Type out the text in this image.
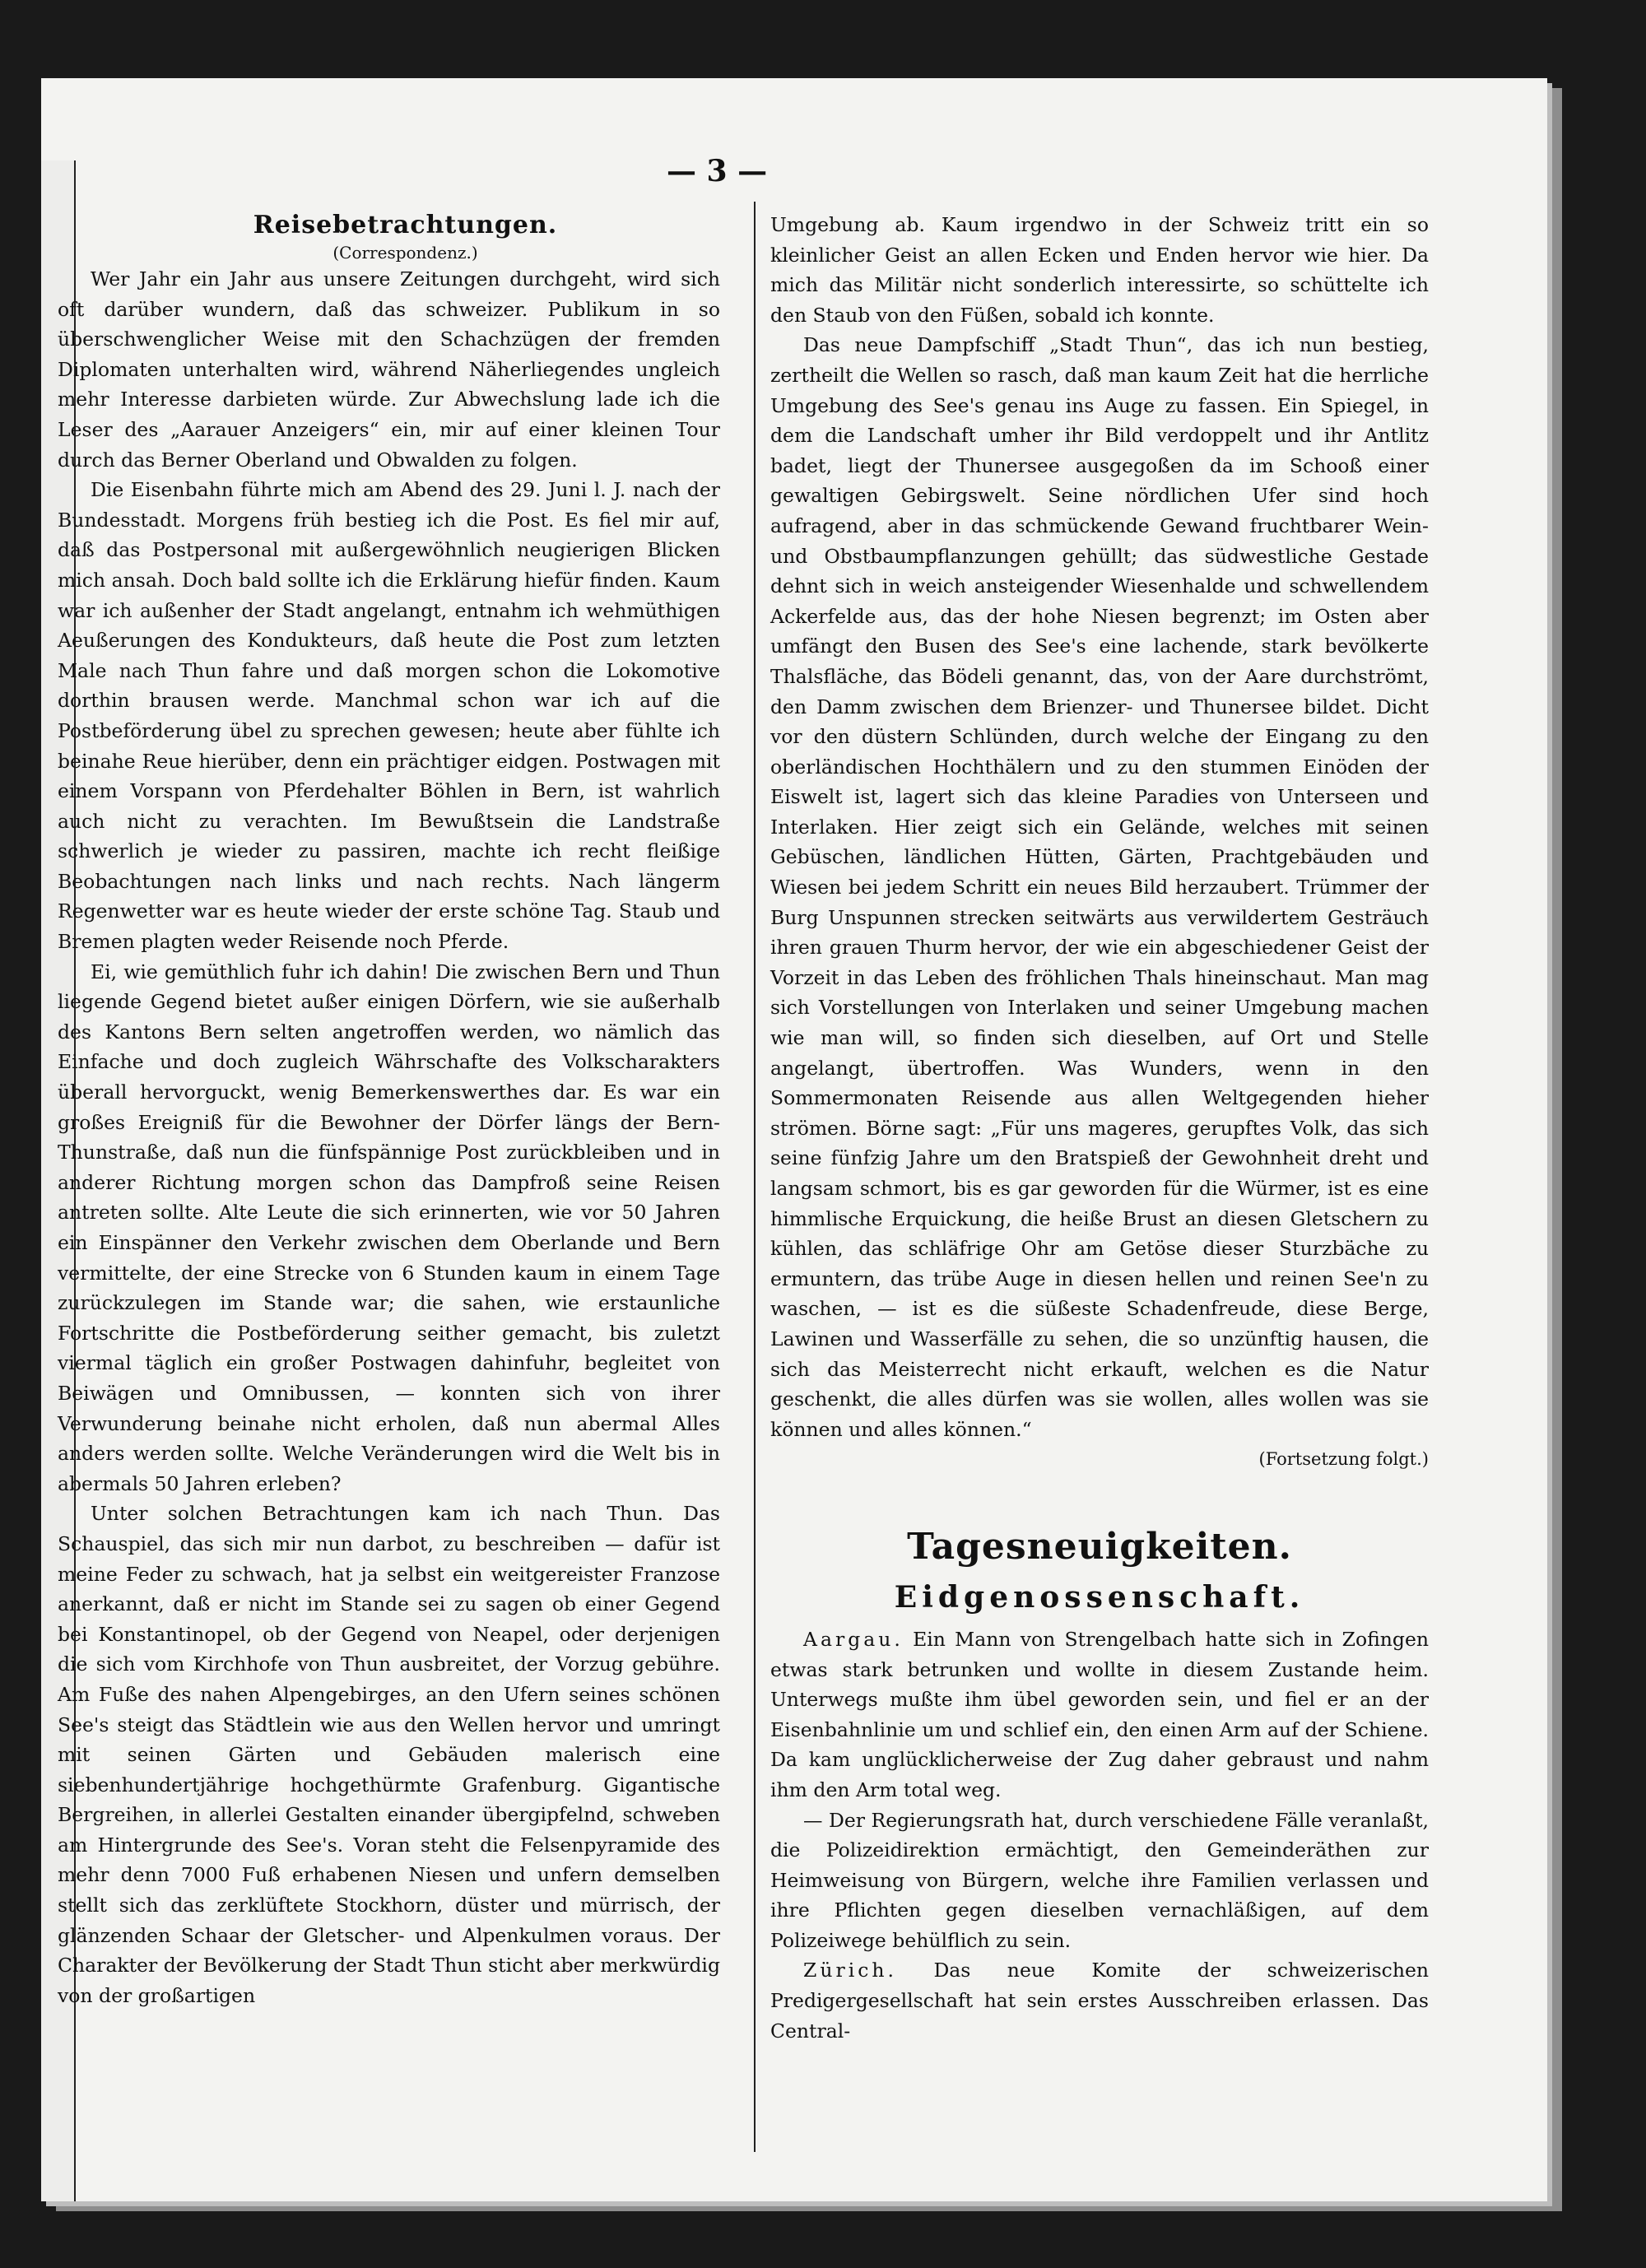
— 3 —

Reisebetrachtungen.

(Correspondenz.)

Wer Jahr ein Jahr aus unsere Zeitungen durchgeht, wird sich oft darüber wundern, daß das schweizer. Publikum in so überschwenglicher Weise mit den Schachzügen der fremden Diplomaten unterhalten wird, während Näherliegendes ungleich mehr Interesse darbieten würde. Zur Abwechslung lade ich die Leser des „Aarauer Anzeigers“ ein, mir auf einer kleinen Tour durch das Berner Oberland und Obwalden zu folgen.

Die Eisenbahn führte mich am Abend des 29. Juni l. J. nach der Bundesstadt. Morgens früh bestieg ich die Post. Es fiel mir auf, daß das Postpersonal mit außergewöhnlich neugierigen Blicken mich ansah. Doch bald sollte ich die Erklärung hiefür finden. Kaum war ich außenher der Stadt angelangt, entnahm ich wehmüthigen Aeußerungen des Kondukteurs, daß heute die Post zum letzten Male nach Thun fahre und daß morgen schon die Lokomotive dorthin brausen werde. Manchmal schon war ich auf die Postbeförderung übel zu sprechen gewesen; heute aber fühlte ich beinahe Reue hierüber, denn ein prächtiger eidgen. Postwagen mit einem Vorspann von Pferdehalter Böhlen in Bern, ist wahrlich auch nicht zu verachten. Im Bewußtsein die Landstraße schwerlich je wieder zu passiren, machte ich recht fleißige Beobachtungen nach links und nach rechts. Nach längerm Regenwetter war es heute wieder der erste schöne Tag. Staub und Bremen plagten weder Reisende noch Pferde.

Ei, wie gemüthlich fuhr ich dahin! Die zwischen Bern und Thun liegende Gegend bietet außer einigen Dörfern, wie sie außerhalb des Kantons Bern selten angetroffen werden, wo nämlich das Einfache und doch zugleich Währschafte des Volkscharakters überall hervorguckt, wenig Bemerkenswerthes dar. Es war ein großes Ereigniß für die Bewohner der Dörfer längs der Bern-Thunstraße, daß nun die fünfspännige Post zurückbleiben und in anderer Richtung morgen schon das Dampfroß seine Reisen antreten sollte. Alte Leute die sich erinnerten, wie vor 50 Jahren ein Einspänner den Verkehr zwischen dem Oberlande und Bern vermittelte, der eine Strecke von 6 Stunden kaum in einem Tage zurückzulegen im Stande war; die sahen, wie erstaunliche Fortschritte die Postbeförderung seither gemacht, bis zuletzt viermal täglich ein großer Postwagen dahinfuhr, begleitet von Beiwägen und Omnibussen, — konnten sich von ihrer Verwunderung beinahe nicht erholen, daß nun abermal Alles anders werden sollte. Welche Veränderungen wird die Welt bis in abermals 50 Jahren erleben?

Unter solchen Betrachtungen kam ich nach Thun. Das Schauspiel, das sich mir nun darbot, zu beschreiben — dafür ist meine Feder zu schwach, hat ja selbst ein weitgereister Franzose anerkannt, daß er nicht im Stande sei zu sagen ob einer Gegend bei Konstantinopel, ob der Gegend von Neapel, oder derjenigen die sich vom Kirchhofe von Thun ausbreitet, der Vorzug gebühre. Am Fuße des nahen Alpengebirges, an den Ufern seines schönen See's steigt das Städtlein wie aus den Wellen hervor und umringt mit seinen Gärten und Gebäuden malerisch eine siebenhundertjährige hochgethürmte Grafenburg. Gigantische Bergreihen, in allerlei Gestalten einander übergipfelnd, schweben am Hintergrunde des See's. Voran steht die Felsenpyramide des mehr denn 7000 Fuß erhabenen Niesen und unfern demselben stellt sich das zerklüftete Stockhorn, düster und mürrisch, der glänzenden Schaar der Gletscher- und Alpenkulmen voraus. Der Charakter der Bevölkerung der Stadt Thun sticht aber merkwürdig von der großartigen

Umgebung ab. Kaum irgendwo in der Schweiz tritt ein so kleinlicher Geist an allen Ecken und Enden hervor wie hier. Da mich das Militär nicht sonderlich interessirte, so schüttelte ich den Staub von den Füßen, sobald ich konnte.

Das neue Dampfschiff „Stadt Thun“, das ich nun bestieg, zertheilt die Wellen so rasch, daß man kaum Zeit hat die herrliche Umgebung des See's genau ins Auge zu fassen. Ein Spiegel, in dem die Landschaft umher ihr Bild verdoppelt und ihr Antlitz badet, liegt der Thunersee ausgegoßen da im Schooß einer gewaltigen Gebirgswelt. Seine nördlichen Ufer sind hoch aufragend, aber in das schmückende Gewand fruchtbarer Wein- und Obstbaumpflanzungen gehüllt; das südwestliche Gestade dehnt sich in weich ansteigender Wiesenhalde und schwellendem Ackerfelde aus, das der hohe Niesen begrenzt; im Osten aber umfängt den Busen des See's eine lachende, stark bevölkerte Thalsfläche, das Bödeli genannt, das, von der Aare durchströmt, den Damm zwischen dem Brienzer- und Thunersee bildet. Dicht vor den düstern Schlünden, durch welche der Eingang zu den oberländischen Hochthälern und zu den stummen Einöden der Eiswelt ist, lagert sich das kleine Paradies von Unterseen und Interlaken. Hier zeigt sich ein Gelände, welches mit seinen Gebüschen, ländlichen Hütten, Gärten, Prachtgebäuden und Wiesen bei jedem Schritt ein neues Bild herzaubert. Trümmer der Burg Unspunnen strecken seitwärts aus verwildertem Gesträuch ihren grauen Thurm hervor, der wie ein abgeschiedener Geist der Vorzeit in das Leben des fröhlichen Thals hineinschaut. Man mag sich Vorstellungen von Interlaken und seiner Umgebung machen wie man will, so finden sich dieselben, auf Ort und Stelle angelangt, übertroffen. Was Wunders, wenn in den Sommermonaten Reisende aus allen Weltgegenden hieher strömen. Börne sagt: „Für uns mageres, gerupftes Volk, das sich seine fünfzig Jahre um den Bratspieß der Gewohnheit dreht und langsam schmort, bis es gar geworden für die Würmer, ist es eine himmlische Erquickung, die heiße Brust an diesen Gletschern zu kühlen, das schläfrige Ohr am Getöse dieser Sturzbäche zu ermuntern, das trübe Auge in diesen hellen und reinen See'n zu waschen, — ist es die süßeste Schadenfreude, diese Berge, Lawinen und Wasserfälle zu sehen, die so unzünftig hausen, die sich das Meisterrecht nicht erkauft, welchen es die Natur geschenkt, die alles dürfen was sie wollen, alles wollen was sie können und alles können.“

(Fortsetzung folgt.)

Tagesneuigkeiten.
Eidgenossenschaft.

Aargau. Ein Mann von Strengelbach hatte sich in Zofingen etwas stark betrunken und wollte in diesem Zustande heim. Unterwegs mußte ihm übel geworden sein, und fiel er an der Eisenbahnlinie um und schlief ein, den einen Arm auf der Schiene. Da kam unglücklicherweise der Zug daher gebraust und nahm ihm den Arm total weg.

— Der Regierungsrath hat, durch verschiedene Fälle veranlaßt, die Polizeidirektion ermächtigt, den Gemeinderäthen zur Heimweisung von Bürgern, welche ihre Familien verlassen und ihre Pflichten gegen dieselben vernachläßigen, auf dem Polizeiwege behülflich zu sein.

Zürich. Das neue Komite der schweizerischen Predigergesellschaft hat sein erstes Ausschreiben erlassen. Das Central-
